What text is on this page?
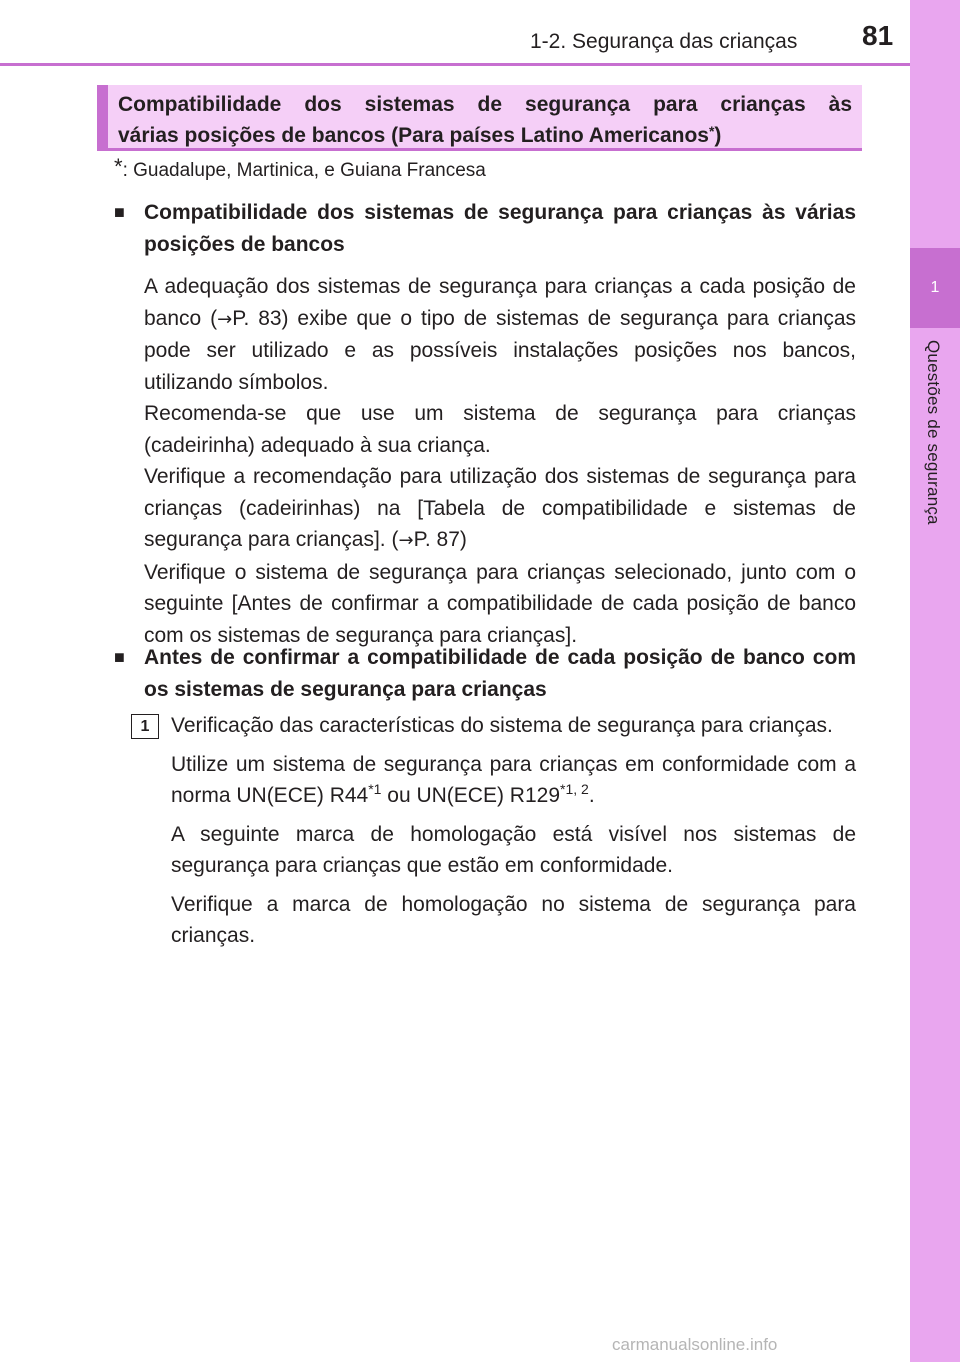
1-2. Segurança das crianças 81
1
Questões de segurança
Compatibilidade dos sistemas de segurança para crianças às
várias posições de bancos (Para países Latino Americanos*)
*: Guadalupe, Martinica, e Guiana Francesa
■ Compatibilidade dos sistemas de segurança para crianças às várias posições de bancos
A adequação dos sistemas de segurança para crianças a cada posição de banco (→P. 83) exibe que o tipo de sistemas de segurança para crianças pode ser utilizado e as possíveis instalações posições nos bancos, utilizando símbolos.
Recomenda-se que use um sistema de segurança para crianças (cadeirinha) adequado à sua criança.
Verifique a recomendação para utilização dos sistemas de segurança para crianças (cadeirinhas) na [Tabela de compatibilidade e sistemas de segurança para crianças]. (→P. 87)
Verifique o sistema de segurança para crianças selecionado, junto com o seguinte [Antes de confirmar a compatibilidade de cada posição de banco com os sistemas de segurança para crianças].
■ Antes de confirmar a compatibilidade de cada posição de banco com os sistemas de segurança para crianças
1	Verificação das características do sistema de segurança para crianças.

Utilize um sistema de segurança para crianças em conformidade com a norma UN(ECE) R44$^{*1}$ ou UN(ECE) R129$^{*1, 2}$.

A seguinte marca de homologação está visível nos sistemas de segurança para crianças que estão em conformidade.

Verifique a marca de homologação no sistema de segurança para crianças.

carmanualsonline.info
